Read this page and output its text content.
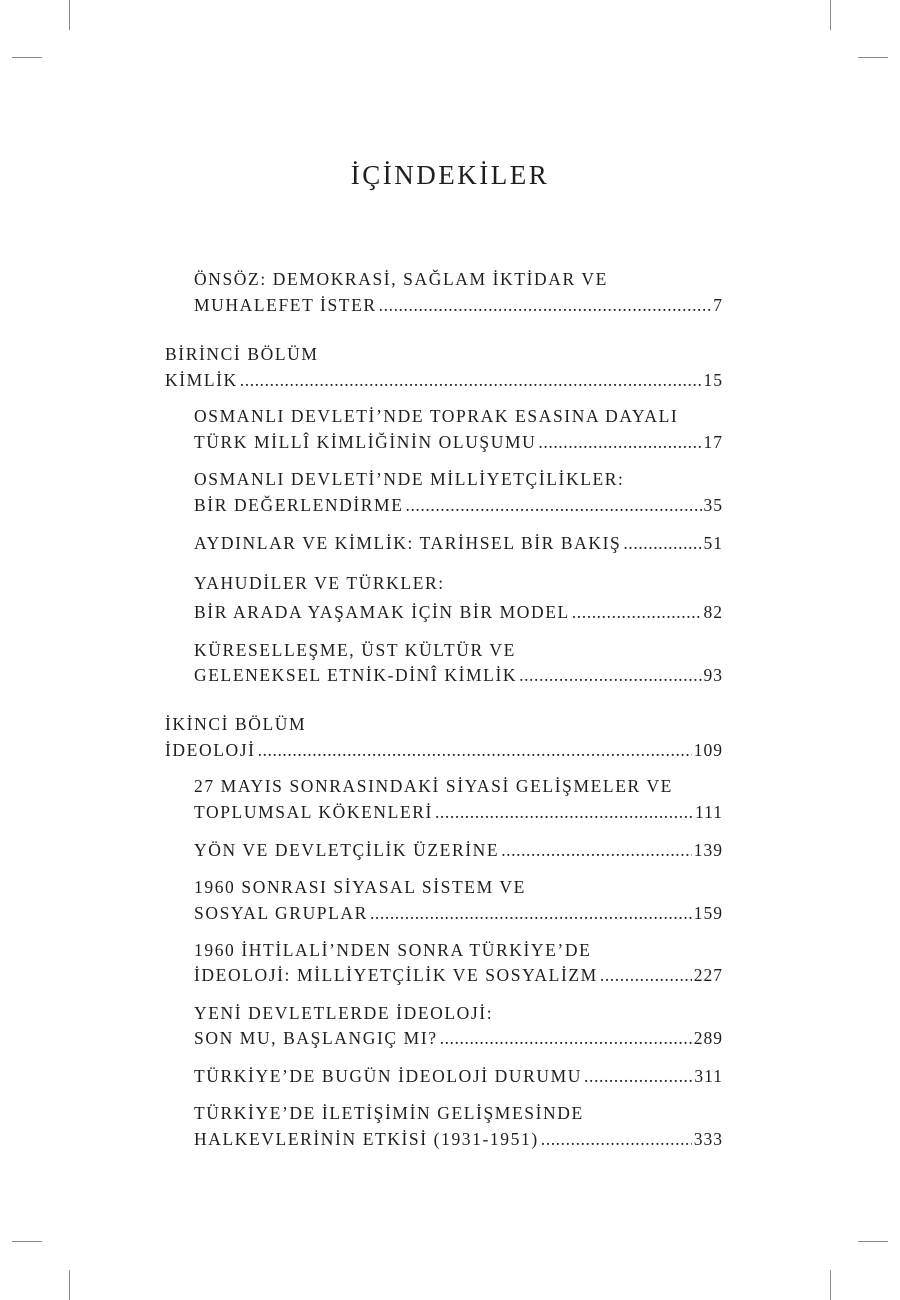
İÇİNDEKİLER
ÖNSÖZ: DEMOKRASİ, SAĞLAM İKTİDAR VE
MUHALEFET İSTER .....	7
BİRİNCİ BÖLÜM
KİMLİK .....	15
OSMANLI DEVLETİ’NDE TOPRAK ESASINA DAYALI
TÜRK MİLLÎ KİMLİĞİNİN OLUŞUMU .....	17
OSMANLI DEVLETİ’NDE MİLLİYETÇİLİKLER:
BİR DEĞERLENDİRME .....	35
AYDINLAR VE KİMLİK: TARİHSEL BİR BAKIŞ .....	51
YAHUDİLER VE TÜRKLER:
BİR ARADA YAŞAMAK İÇİN BİR MODEL .....	82
KÜRESELLEŞME, ÜST KÜLTÜR VE
GELENEKSEL ETNİK-DİNÎ KİMLİK .....	93
İKİNCİ BÖLÜM
İDEOLOJİ .....	109
27 MAYIS SONRASINDAKİ SİYASİ GELİŞMELER VE
TOPLUMSAL KÖKENLERİ .....	111
YÖN VE DEVLETÇİLİK ÜZERİNE .....	139
1960 SONRASI SİYASAL SİSTEM VE
SOSYAL GRUPLAR .....	159
1960 İHTİLALİ’NDEN SONRA TÜRKİYE’DE
İDEOLOJİ: MİLLİYETÇİLİK VE SOSYALİZM .....	227
YENİ DEVLETLERDE İDEOLOJİ:
SON MU, BAŞLANGIÇ MI? .....	289
TÜRKİYE’DE BUGÜN İDEOLOJİ DURUMU .....	311
TÜRKİYE’DE İLETİŞİMİN GELİŞMESİNDE
HALKEVLERİNİN ETKİSİ (1931-1951) .....	333
